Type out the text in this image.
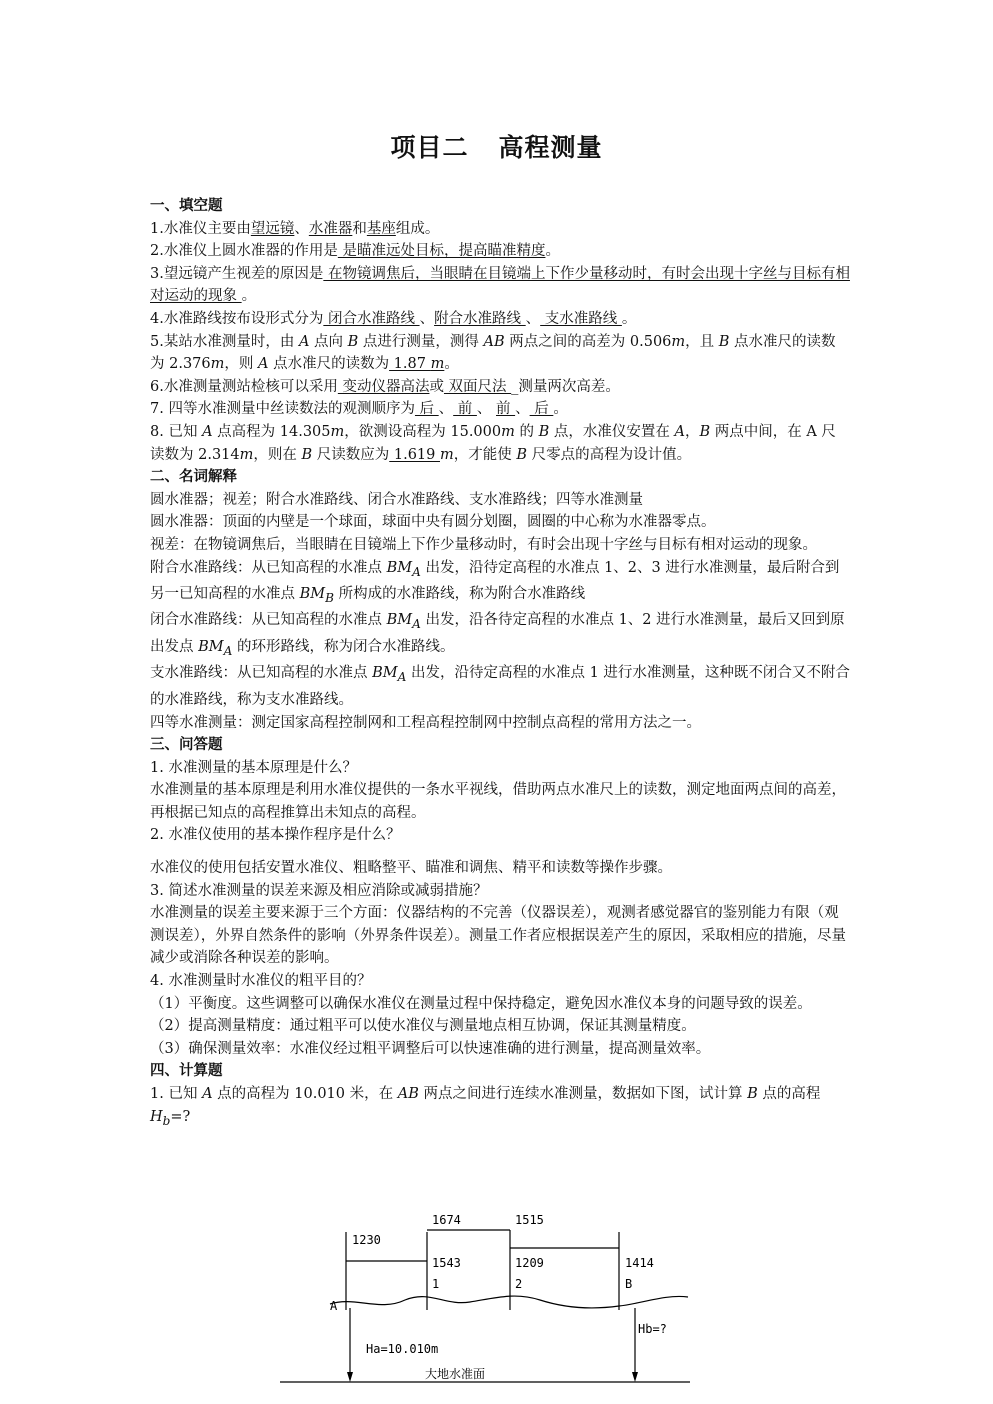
项目二 高程测量

一、填空题

1.水准仪主要由望远镜、水准器和基座组成。

2.水准仪上圆水准器的作用是 是瞄准远处目标，提高瞄准精度。

3.望远镜产生视差的原因是 在物镜调焦后，当眼睛在目镜端上下作少量移动时，有时会出现十字丝与目标有相对运动的现象 。

4.水准路线按布设形式分为 闭合水准路线 、附合水准路线 、 支水准路线 。

5.某站水准测量时，由 A 点向 B 点进行测量，测得 AB 两点之间的高差为 0.506m，且 B 点水准尺的读数为 2.376m，则 A 点水准尺的读数为 1.87 m。

6.水准测量测站检核可以采用 变动仪器高法或 双面尺法 _测量两次高差。

7. 四等水准测量中丝读数法的观测顺序为 后 、 前 、 前 、 后 。

8. 已知 A 点高程为 14.305m，欲测设高程为 15.000m 的 B 点，水准仪安置在 A，B 两点中间，在 A 尺读数为 2.314m，则在 B 尺读数应为 1.619 m，才能使 B 尺零点的高程为设计值。

二、名词解释

圆水准器；视差；附合水准路线、闭合水准路线、支水准路线；四等水准测量

圆水准器：顶面的内壁是一个球面，球面中央有圆分划圈，圆圈的中心称为水准器零点。

视差：在物镜调焦后，当眼睛在目镜端上下作少量移动时，有时会出现十字丝与目标有相对运动的现象。

附合水准路线：从已知高程的水准点 $BM_A$ 出发，沿待定高程的水准点 1、2、3 进行水准测量，最后附合到另一已知高程的水准点 $BM_B$ 所构成的水准路线，称为附合水准路线

闭合水准路线：从已知高程的水准点 $BM_A$ 出发，沿各待定高程的水准点 1、2 进行水准测量，最后又回到原出发点 $BM_A$ 的环形路线，称为闭合水准路线。

支水准路线：从已知高程的水准点 $BM_A$ 出发，沿待定高程的水准点 1 进行水准测量，这种既不闭合又不附合的水准路线，称为支水准路线。

四等水准测量：测定国家高程控制网和工程高程控制网中控制点高程的常用方法之一。

三、问答题

1. 水准测量的基本原理是什么？

水准测量的基本原理是利用水准仪提供的一条水平视线，借助两点水准尺上的读数，测定地面两点间的高差，再根据已知点的高程推算出未知点的高程。

2. 水准仪使用的基本操作程序是什么？

水准仪的使用包括安置水准仪、粗略整平、瞄准和调焦、精平和读数等操作步骤。

3. 简述水准测量的误差来源及相应消除或减弱措施？

水准测量的误差主要来源于三个方面：仪器结构的不完善（仪器误差），观测者感觉器官的鉴别能力有限（观测误差），外界自然条件的影响（外界条件误差）。测量工作者应根据误差产生的原因，采取相应的措施，尽量减少或消除各种误差的影响。

4. 水准测量时水准仪的粗平目的？

（1）平衡度。这些调整可以确保水准仪在测量过程中保持稳定，避免因水准仪本身的问题导致的误差。

（2）提高测量精度：通过粗平可以使水准仪与测量地点相互协调，保证其测量精度。

（3）确保测量效率：水准仪经过粗平调整后可以快速准确的进行测量，提高测量效率。

四、计算题

1. 已知 A 点的高程为 10.010 米，在 AB 两点之间进行连续水准测量，数据如下图，试计算 B 点的高程 $H_b=$?

1230
1674	1515
1543	1209	1414
1	2
A
B
Ha=10.010m
Hb=?
大地水准面
